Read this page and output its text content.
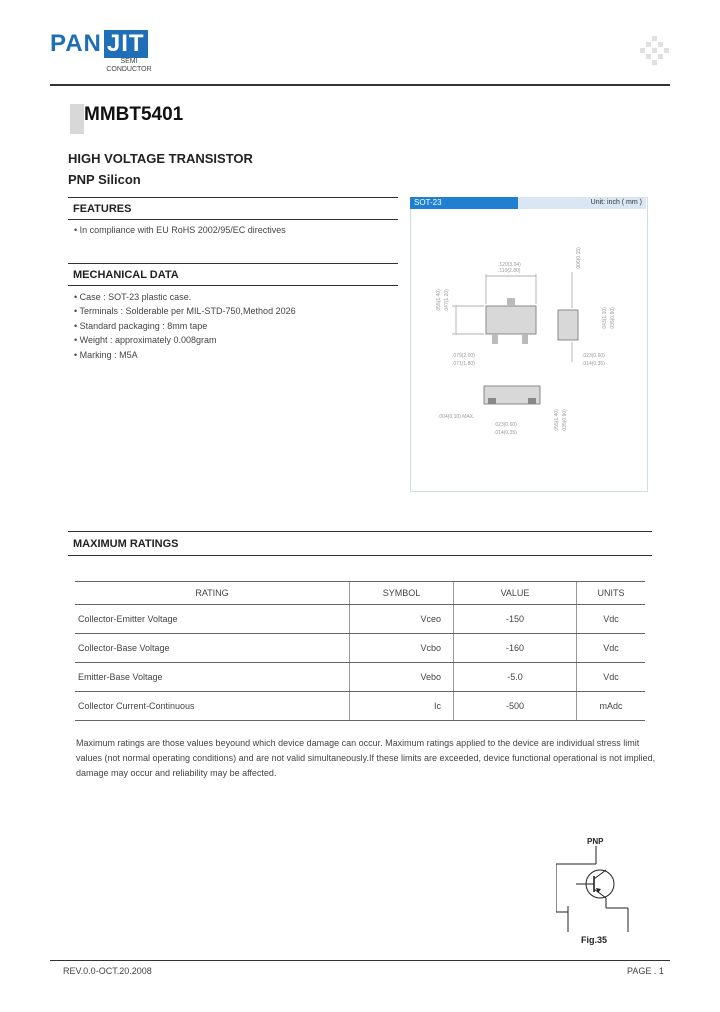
PAN JIT
SEMI
CONDUCTOR
MMBT5401
HIGH VOLTAGE TRANSISTOR
PNP Silicon
FEATURES
• In compliance with EU RoHS 2002/95/EC directives
MECHANICAL DATA
• Case : SOT-23 plastic case.
• Terminals : Solderable per MIL-STD-750,Method 2026
• Standard packaging : 8mm tape
• Weight : approximately 0.008gram
• Marking : M5A
SOT-23	Unit: inch ( mm )
.120(3.04)
.110(2.80)
.055(1.40) .047(1.20)
.079(2.00)
.071(1.80)
.006(0.15)
.043(1.10) .035(0.90)
.023(0.60)
.014(0.35)
.004(0.10) MAX.
.023(0.60)
.014(0.35)
.055(1.40) .035(0.90)
MAXIMUM RATINGS
RATING	SYMBOL	VALUE	UNITS
Collector-Emitter Voltage	Vceo	-150	Vdc
Collector-Base Voltage	Vcbo	-160	Vdc
Emitter-Base Voltage	Vebo	-5.0	Vdc
Collector Current-Continuous	Ic	-500	mAdc
Maximum ratings are those values beyound which device damage can occur. Maximum ratings applied to the device are individual stress limit values (not normal operating conditions) and are not valid simultaneously.If these limits are exceeded, device functional operational is not implied, damage may occur and reliability may be affected.
PNP
Fig.35
REV.0.0-OCT.20.2008	PAGE . 1
